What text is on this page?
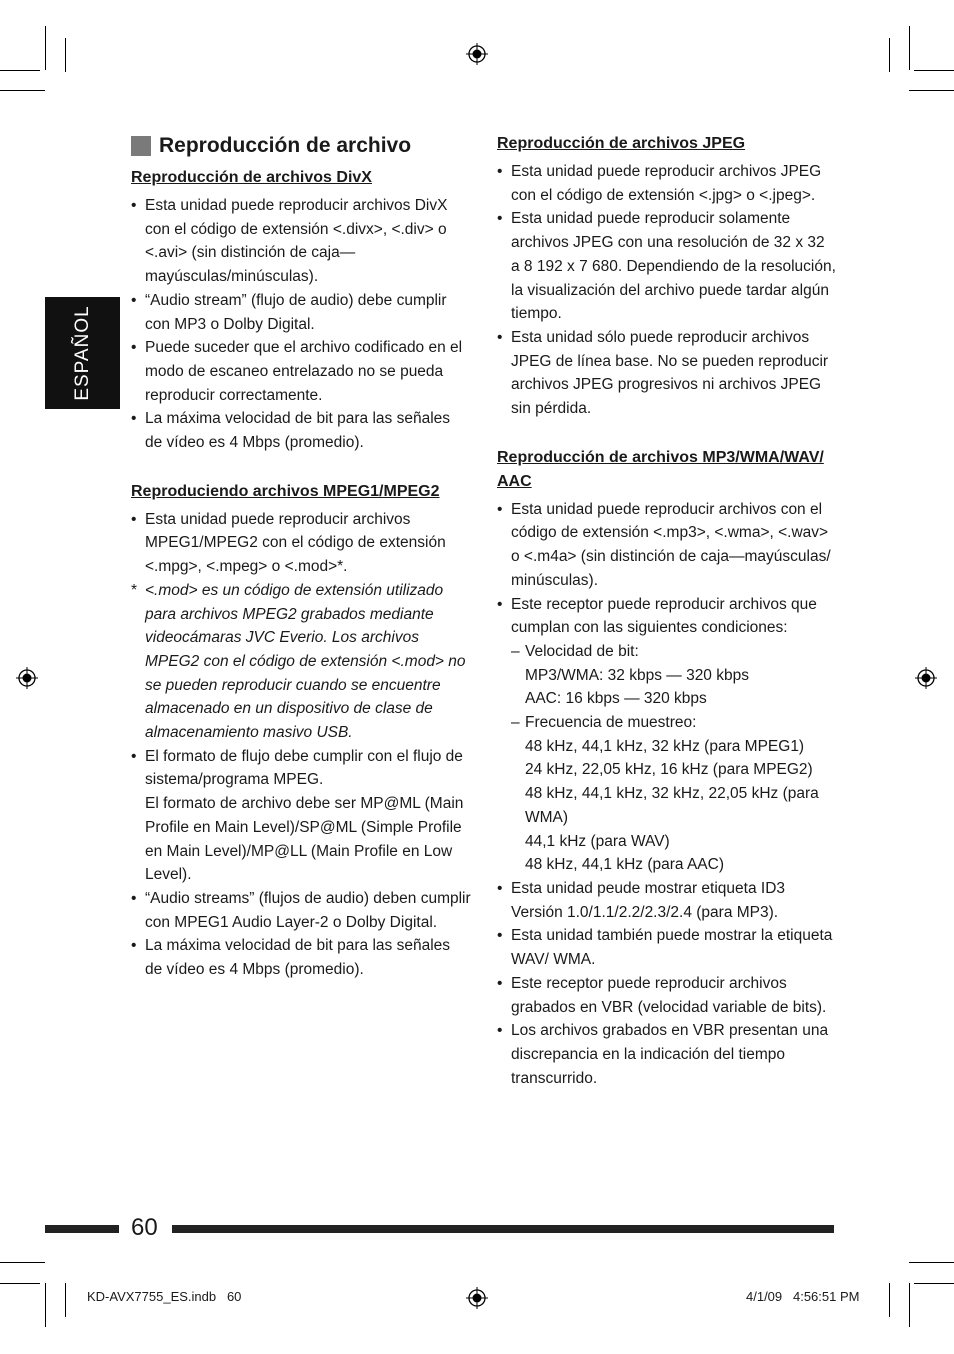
ESPAÑOL
Reproducción de archivo
Reproducción de archivos DivX
• Esta unidad puede reproducir archivos DivX con el código de extensión <.divx>, <.div> o <.avi> (sin distinción de caja—mayúsculas/minúsculas).
• “Audio stream” (flujo de audio) debe cumplir con MP3 o Dolby Digital.
• Puede suceder que el archivo codificado en el modo de escaneo entrelazado no se pueda reproducir correctamente.
• La máxima velocidad de bit para las señales de vídeo es 4 Mbps (promedio).
Reproduciendo archivos MPEG1/MPEG2
• Esta unidad puede reproducir archivos MPEG1/MPEG2 con el código de extensión <.mpg>, <.mpeg> o <.mod>*.
* <.mod> es un código de extensión utilizado para archivos MPEG2 grabados mediante videocámaras JVC Everio. Los archivos MPEG2 con el código de extensión <.mod> no se pueden reproducir cuando se encuentre almacenado en un dispositivo de clase de almacenamiento masivo USB.
• El formato de flujo debe cumplir con el flujo de sistema/programa MPEG.
El formato de archivo debe ser MP@ML (Main Profile en Main Level)/SP@ML (Simple Profile en Main Level)/MP@LL (Main Profile en Low Level).
• “Audio streams” (flujos de audio) deben cumplir con MPEG1 Audio Layer-2 o Dolby Digital.
• La máxima velocidad de bit para las señales de vídeo es 4 Mbps (promedio).
Reproducción de archivos JPEG
• Esta unidad puede reproducir archivos JPEG con el código de extensión <.jpg> o <.jpeg>.
• Esta unidad puede reproducir solamente archivos JPEG con una resolución de 32 x 32 a 8 192 x 7 680. Dependiendo de la resolución, la visualización del archivo puede tardar algún tiempo.
• Esta unidad sólo puede reproducir archivos JPEG de línea base. No se pueden reproducir archivos JPEG progresivos ni archivos JPEG sin pérdida.
Reproducción de archivos MP3/WMA/WAV/ AAC
• Esta unidad puede reproducir archivos con el código de extensión <.mp3>, <.wma>, <.wav> o <.m4a> (sin distinción de caja—mayúsculas/ minúsculas).
• Este receptor puede reproducir archivos que cumplan con las siguientes condiciones:
– Velocidad de bit:
MP3/WMA: 32 kbps — 320 kbps
AAC: 16 kbps — 320 kbps
– Frecuencia de muestreo:
48 kHz, 44,1 kHz, 32 kHz (para MPEG1)
24 kHz, 22,05 kHz, 16 kHz (para MPEG2)
48 kHz, 44,1 kHz, 32 kHz, 22,05 kHz (para WMA)
44,1 kHz (para WAV)
48 kHz, 44,1 kHz (para AAC)
• Esta unidad peude mostrar etiqueta ID3 Versión 1.0/1.1/2.2/2.3/2.4 (para MP3).
• Esta unidad también puede mostrar la etiqueta WAV/ WMA.
• Este receptor puede reproducir archivos grabados en VBR (velocidad variable de bits).
• Los archivos grabados en VBR presentan una discrepancia en la indicación del tiempo transcurrido.
60
KD-AVX7755_ES.indb   60	4/1/09   4:56:51 PM
